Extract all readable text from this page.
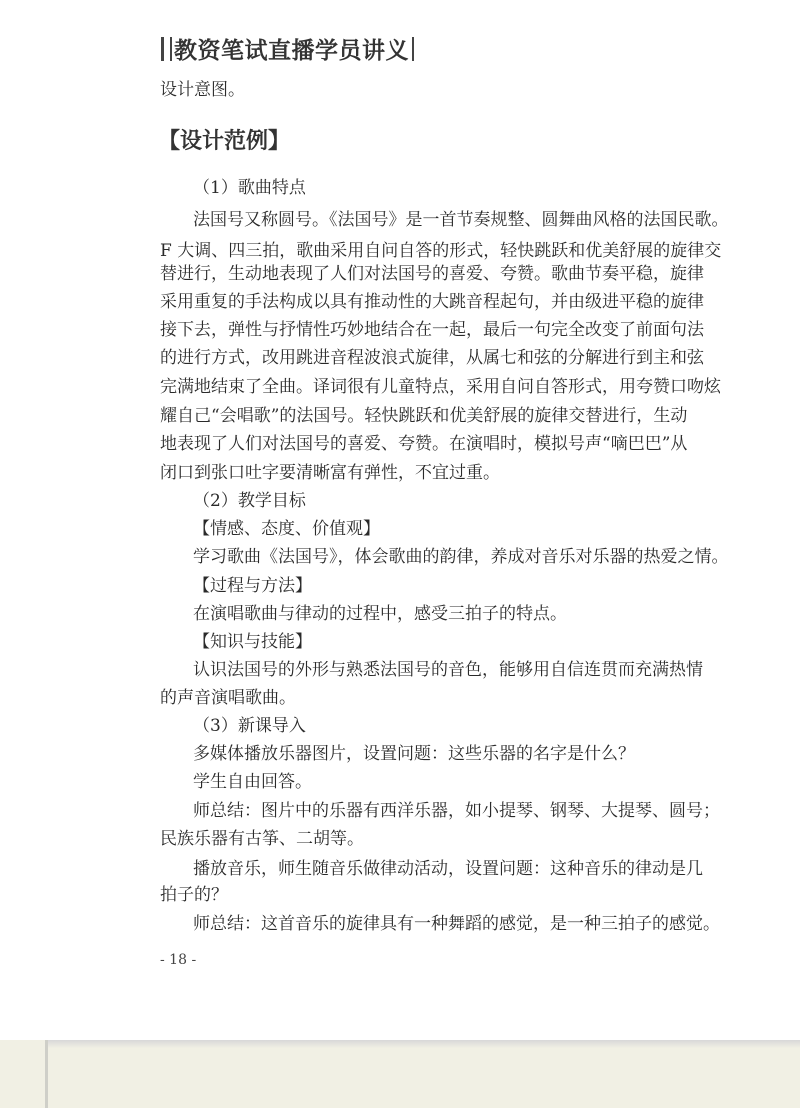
教资笔试直播学员讲义
设计意图。
【设计范例】
（1）歌曲特点
法国号又称圆号。《法国号》是一首节奏规整、圆舞曲风格的法国民歌。
F 大调、四三拍，歌曲采用自问自答的形式，轻快跳跃和优美舒展的旋律交
替进行，生动地表现了人们对法国号的喜爱、夸赞。歌曲节奏平稳，旋律
采用重复的手法构成以具有推动性的大跳音程起句，并由级进平稳的旋律
接下去，弹性与抒情性巧妙地结合在一起，最后一句完全改变了前面句法
的进行方式，改用跳进音程波浪式旋律，从属七和弦的分解进行到主和弦
完满地结束了全曲。译词很有儿童特点，采用自问自答形式，用夸赞口吻炫
耀自己“会唱歌”的法国号。轻快跳跃和优美舒展的旋律交替进行，生动
地表现了人们对法国号的喜爱、夸赞。在演唱时，模拟号声“嘀巴巴”从
闭口到张口吐字要清晰富有弹性，不宜过重。
（2）教学目标
【情感、态度、价值观】
学习歌曲《法国号》，体会歌曲的韵律，养成对音乐对乐器的热爱之情。
【过程与方法】
在演唱歌曲与律动的过程中，感受三拍子的特点。
【知识与技能】
认识法国号的外形与熟悉法国号的音色，能够用自信连贯而充满热情
的声音演唱歌曲。
（3）新课导入
多媒体播放乐器图片，设置问题：这些乐器的名字是什么？
学生自由回答。
师总结：图片中的乐器有西洋乐器，如小提琴、钢琴、大提琴、圆号；
民族乐器有古筝、二胡等。
播放音乐，师生随音乐做律动活动，设置问题：这种音乐的律动是几
拍子的？
师总结：这首音乐的旋律具有一种舞蹈的感觉，是一种三拍子的感觉。
- 18 -
